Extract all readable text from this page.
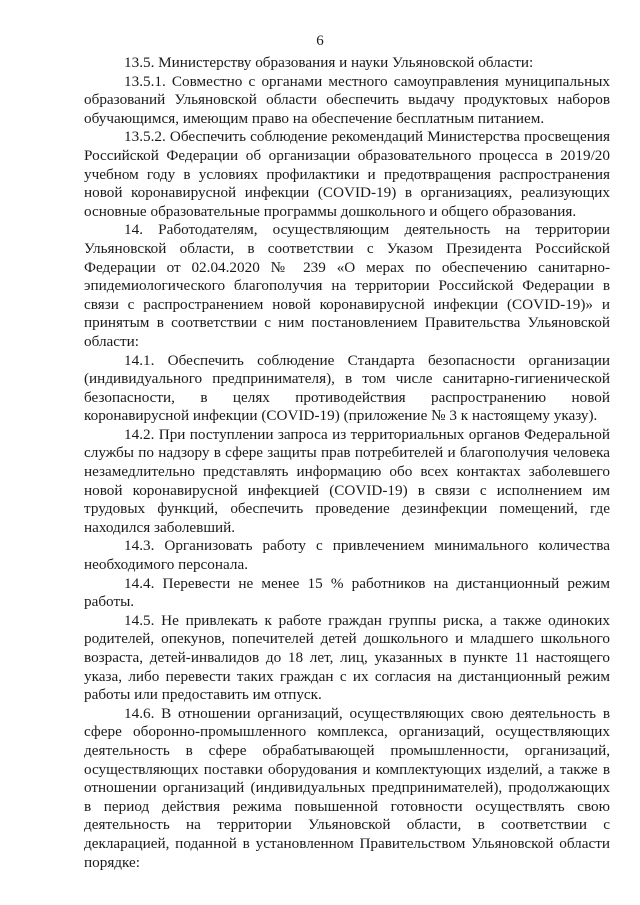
6

13.5. Министерству образования и науки Ульяновской области:

13.5.1. Совместно с органами местного самоуправления муниципальных образований Ульяновской области обеспечить выдачу продуктовых наборов обучающимся, имеющим право на обеспечение бесплатным питанием.

13.5.2. Обеспечить соблюдение рекомендаций Министерства просвещения Российской Федерации об организации образовательного процесса в 2019/20 учебном году в условиях профилактики и предотвращения распространения новой коронавирусной инфекции (COVID-19) в организациях, реализующих основные образовательные программы дошкольного и общего образования.

14. Работодателям, осуществляющим деятельность на территории Ульяновской области, в соответствии с Указом Президента Российской Федерации от 02.04.2020 № 239 «О мерах по обеспечению санитарно-эпидемиологического благополучия на территории Российской Федерации в связи с распространением новой коронавирусной инфекции (COVID-19)» и принятым в соответствии с ним постановлением Правительства Ульяновской области:

14.1. Обеспечить соблюдение Стандарта безопасности организации (индивидуального предпринимателя), в том числе санитарно-гигиенической безопасности, в целях противодействия распространению новой коронавирусной инфекции (COVID-19) (приложение № 3 к настоящему указу).

14.2. При поступлении запроса из территориальных органов Федеральной службы по надзору в сфере защиты прав потребителей и благополучия человека незамедлительно представлять информацию обо всех контактах заболевшего новой коронавирусной инфекцией (COVID-19) в связи с исполнением им трудовых функций, обеспечить проведение дезинфекции помещений, где находился заболевший.

14.3. Организовать работу с привлечением минимального количества необходимого персонала.

14.4. Перевести не менее 15 % работников на дистанционный режим работы.

14.5. Не привлекать к работе граждан группы риска, а также одиноких родителей, опекунов, попечителей детей дошкольного и младшего школьного возраста, детей-инвалидов до 18 лет, лиц, указанных в пункте 11 настоящего указа, либо перевести таких граждан с их согласия на дистанционный режим работы или предоставить им отпуск.

14.6. В отношении организаций, осуществляющих свою деятельность в сфере оборонно-промышленного комплекса, организаций, осуществляющих деятельность в сфере обрабатывающей промышленности, организаций, осуществляющих поставки оборудования и комплектующих изделий, а также в отношении организаций (индивидуальных предпринимателей), продолжающих в период действия режима повышенной готовности осуществлять свою деятельность на территории Ульяновской области, в соответствии с декларацией, поданной в установленном Правительством Ульяновской области порядке:
